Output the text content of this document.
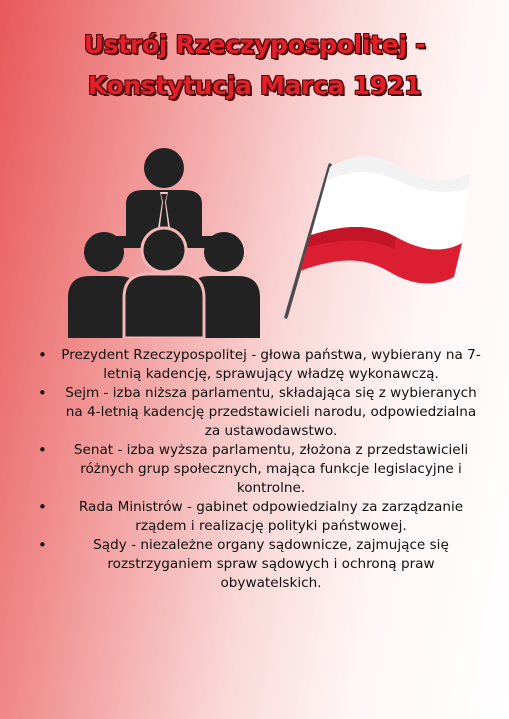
Ustrój Rzeczypospolitej -
Konstytucja Marca 1921
• Prezydent Rzeczypospolitej - głowa państwa, wybierany na 7-letnią kadencję, sprawujący władzę wykonawczą.
• Sejm - izba niższa parlamentu, składająca się z wybieranych na 4-letnią kadencję przedstawicieli narodu, odpowiedzialna za ustawodawstwo.
• Senat - izba wyższa parlamentu, złożona z przedstawicieli różnych grup społecznych, mająca funkcje legislacyjne i kontrolne.
• Rada Ministrów - gabinet odpowiedzialny za zarządzanie rządem i realizację polityki państwowej.
•	Sądy - niezależne organy sądownicze, zajmujące się rozstrzyganiem spraw sądowych i ochroną praw obywatelskich.
